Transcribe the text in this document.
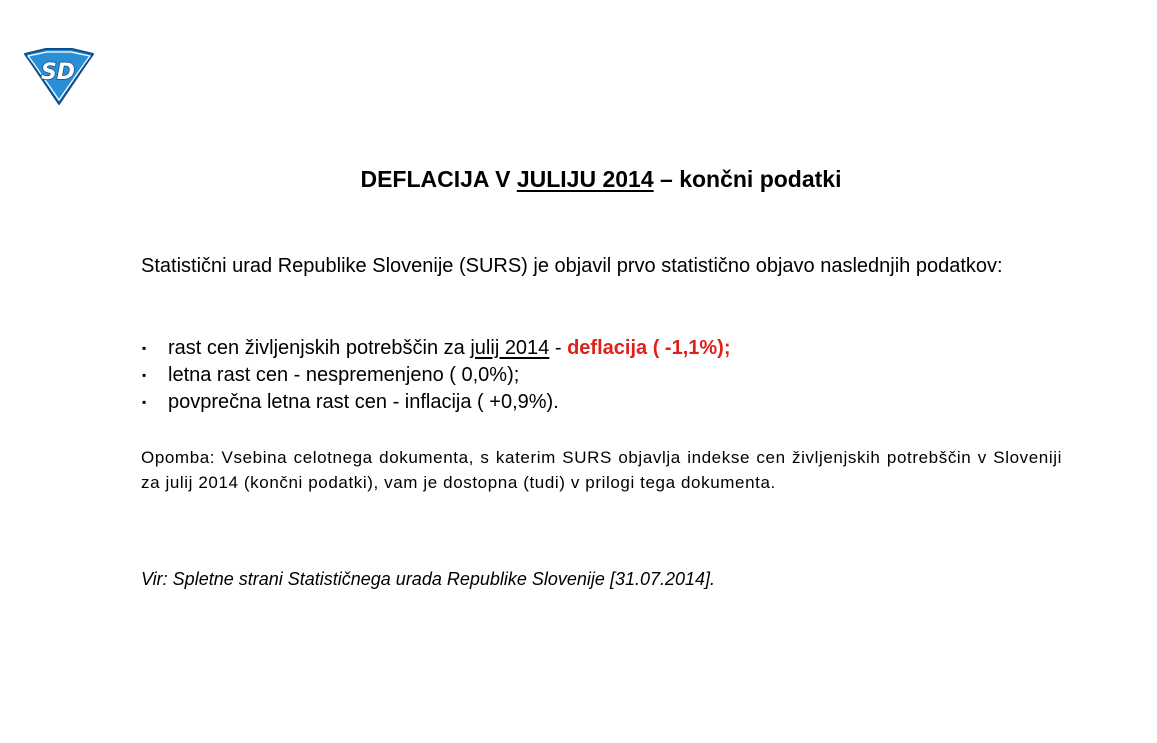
SD
DEFLACIJA V JULIJU 2014 – končni podatki
Statistični urad Republike Slovenije (SURS) je objavil prvo statistično objavo naslednjih podatkov:
▪ rast cen življenjskih potrebščin za julij 2014 - deflacija ( -1,1%);
▪ letna rast cen - nespremenjeno ( 0,0%);
▪ povprečna letna rast cen - inflacija ( +0,9%).
Opomba: Vsebina celotnega dokumenta, s katerim SURS objavlja indekse cen življenjskih potrebščin v Sloveniji za julij 2014 (končni podatki), vam je dostopna (tudi) v prilogi tega dokumenta.
Vir: Spletne strani Statističnega urada Republike Slovenije [31.07.2014].
